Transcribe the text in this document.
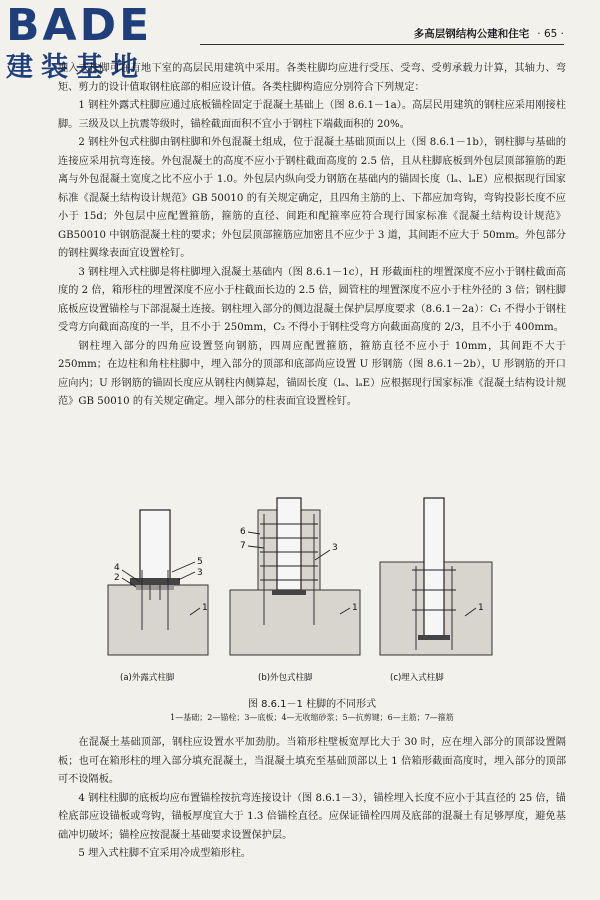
BADE
建装基地
多高层钢结构公建和住宅 · 65 ·

埋入式柱脚可在有地下室的高层民用建筑中采用。各类柱脚均应进行受压、受弯、受剪承载力计算，其轴力、弯矩、剪力的设计值取钢柱底部的相应设计值。各类柱脚构造应分别符合下列规定：

1 钢柱外露式柱脚应通过底板锚栓固定于混凝土基础上（图 8.6.1－1a）。高层民用建筑的钢柱应采用刚接柱脚。三级及以上抗震等级时，锚栓截面面积不宜小于钢柱下端截面积的 20%。

2 钢柱外包式柱脚由钢柱脚和外包混凝土组成，位于混凝土基础顶面以上（图 8.6.1－1b），钢柱脚与基础的连接应采用抗弯连接。外包混凝土的高度不应小于钢柱截面高度的 2.5 倍，且从柱脚底板到外包层顶部箍筋的距离与外包混凝土宽度之比不应小于 1.0。外包层内纵向受力钢筋在基础内的锚固长度（lₐ、lₐE）应根据现行国家标准《混凝土结构设计规范》GB 50010 的有关规定确定，且四角主筋的上、下都应加弯钩，弯钩投影长度不应小于 15d；外包层中应配置箍筋，箍筋的直径、间距和配箍率应符合现行国家标准《混凝土结构设计规范》GB50010 中钢筋混凝土柱的要求；外包层顶部箍筋应加密且不应少于 3 道，其间距不应大于 50mm。外包部分的钢柱翼缘表面宜设置栓钉。

3 钢柱埋入式柱脚是将柱脚埋入混凝土基础内（图 8.6.1－1c），H 形截面柱的埋置深度不应小于钢柱截面高度的 2 倍，箱形柱的埋置深度不应小于柱截面长边的 2.5 倍，圆管柱的埋置深度不应小于柱外径的 3 倍；钢柱脚底板应设置锚栓与下部混凝土连接。钢柱埋入部分的侧边混凝土保护层厚度要求（8.6.1－2a）：C₁ 不得小于钢柱受弯方向截面高度的一半，且不小于 250mm，C₂ 不得小于钢柱受弯方向截面高度的 2/3，且不小于 400mm。

钢柱埋入部分的四角应设置竖向钢筋，四周应配置箍筋，箍筋直径不应小于 10mm，其间距不大于 250mm；在边柱和角柱柱脚中，埋入部分的顶部和底部尚应设置 U 形钢筋（图 8.6.1－2b），U 形钢筋的开口应向内；U 形钢筋的锚固长度应从钢柱内侧算起，锚固长度（lₐ、lₐE）应根据现行国家标准《混凝土结构设计规范》GB 50010 的有关规定确定。埋入部分的柱表面宜设置栓钉。

4
2
5
3
1
(a)外露式柱脚
6
7	3
1
(b)外包式柱脚
1
(c)埋入式柱脚
图 8.6.1－1 柱脚的不同形式
1—基础；2—锚栓；3—底板；4—无收缩砂浆；5—抗剪键；6—主筋；7—箍筋

在混凝土基础顶部，钢柱应设置水平加劲肋。当箱形柱壁板宽厚比大于 30 时，应在埋入部分的顶部设置隔板；也可在箱形柱的埋入部分填充混凝土，当混凝土填充至基础顶部以上 1 倍箱形截面高度时，埋入部分的顶部可不设隔板。

4 钢柱柱脚的底板均应布置锚栓按抗弯连接设计（图 8.6.1－3），锚栓埋入长度不应小于其直径的 25 倍，锚栓底部应设锚板或弯钩，锚板厚度宜大于 1.3 倍锚栓直径。应保证锚栓四周及底部的混凝土有足够厚度，避免基础冲切破坏；锚栓应按混凝土基础要求设置保护层。

5 埋入式柱脚不宜采用冷成型箱形柱。
